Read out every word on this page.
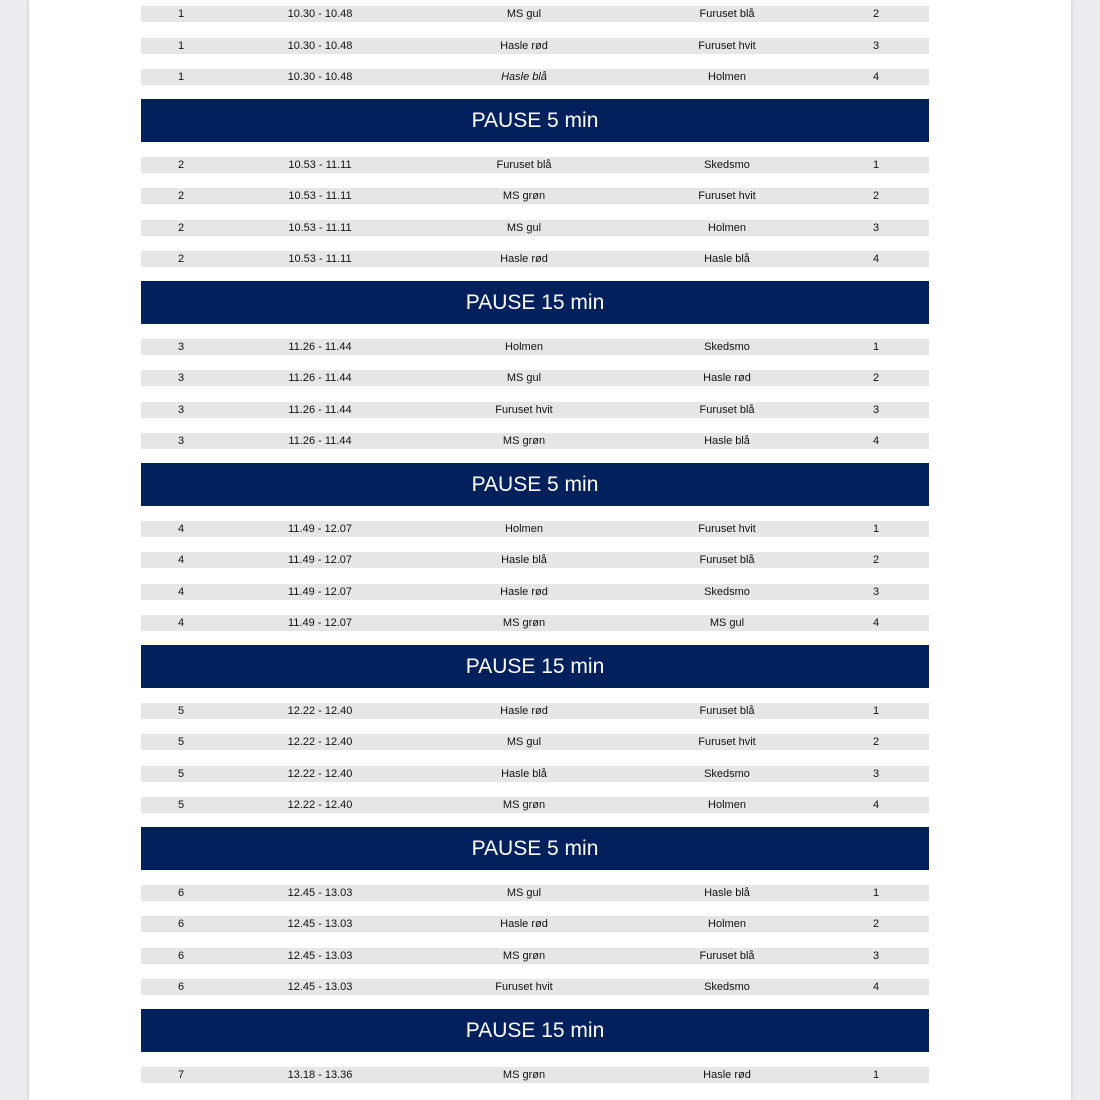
1	10.30 - 10.48	MS gul	Furuset blå	2
1	10.30 - 10.48	Hasle rød	Furuset hvit	3
1	10.30 - 10.48	Hasle blå	Holmen	4
PAUSE 5 min
2	10.53 - 11.11	Furuset blå	Skedsmo	1
2	10.53 - 11.11	MS grøn	Furuset hvit	2
2	10.53 - 11.11	MS gul	Holmen	3
2	10.53 - 11.11	Hasle rød	Hasle blå	4
PAUSE 15 min
3	11.26 - 11.44	Holmen	Skedsmo	1
3	11.26 - 11.44	MS gul	Hasle rød	2
3	11.26 - 11.44	Furuset hvit	Furuset blå	3
3	11.26 - 11.44	MS grøn	Hasle blå	4
PAUSE 5 min
4	11.49 - 12.07	Holmen	Furuset hvit	1
4	11.49 - 12.07	Hasle blå	Furuset blå	2
4	11.49 - 12.07	Hasle rød	Skedsmo	3
4	11.49 - 12.07	MS grøn	MS gul	4
PAUSE 15 min
5	12.22 - 12.40	Hasle rød	Furuset blå	1
5	12.22 - 12.40	MS gul	Furuset hvit	2
5	12.22 - 12.40	Hasle blå	Skedsmo	3
5	12.22 - 12.40	MS grøn	Holmen	4
PAUSE 5 min
6	12.45 - 13.03	MS gul	Hasle blå	1
6	12.45 - 13.03	Hasle rød	Holmen	2
6	12.45 - 13.03	MS grøn	Furuset blå	3
6	12.45 - 13.03	Furuset hvit	Skedsmo	4
PAUSE 15 min
7	13.18 - 13.36	MS grøn	Hasle rød	1
